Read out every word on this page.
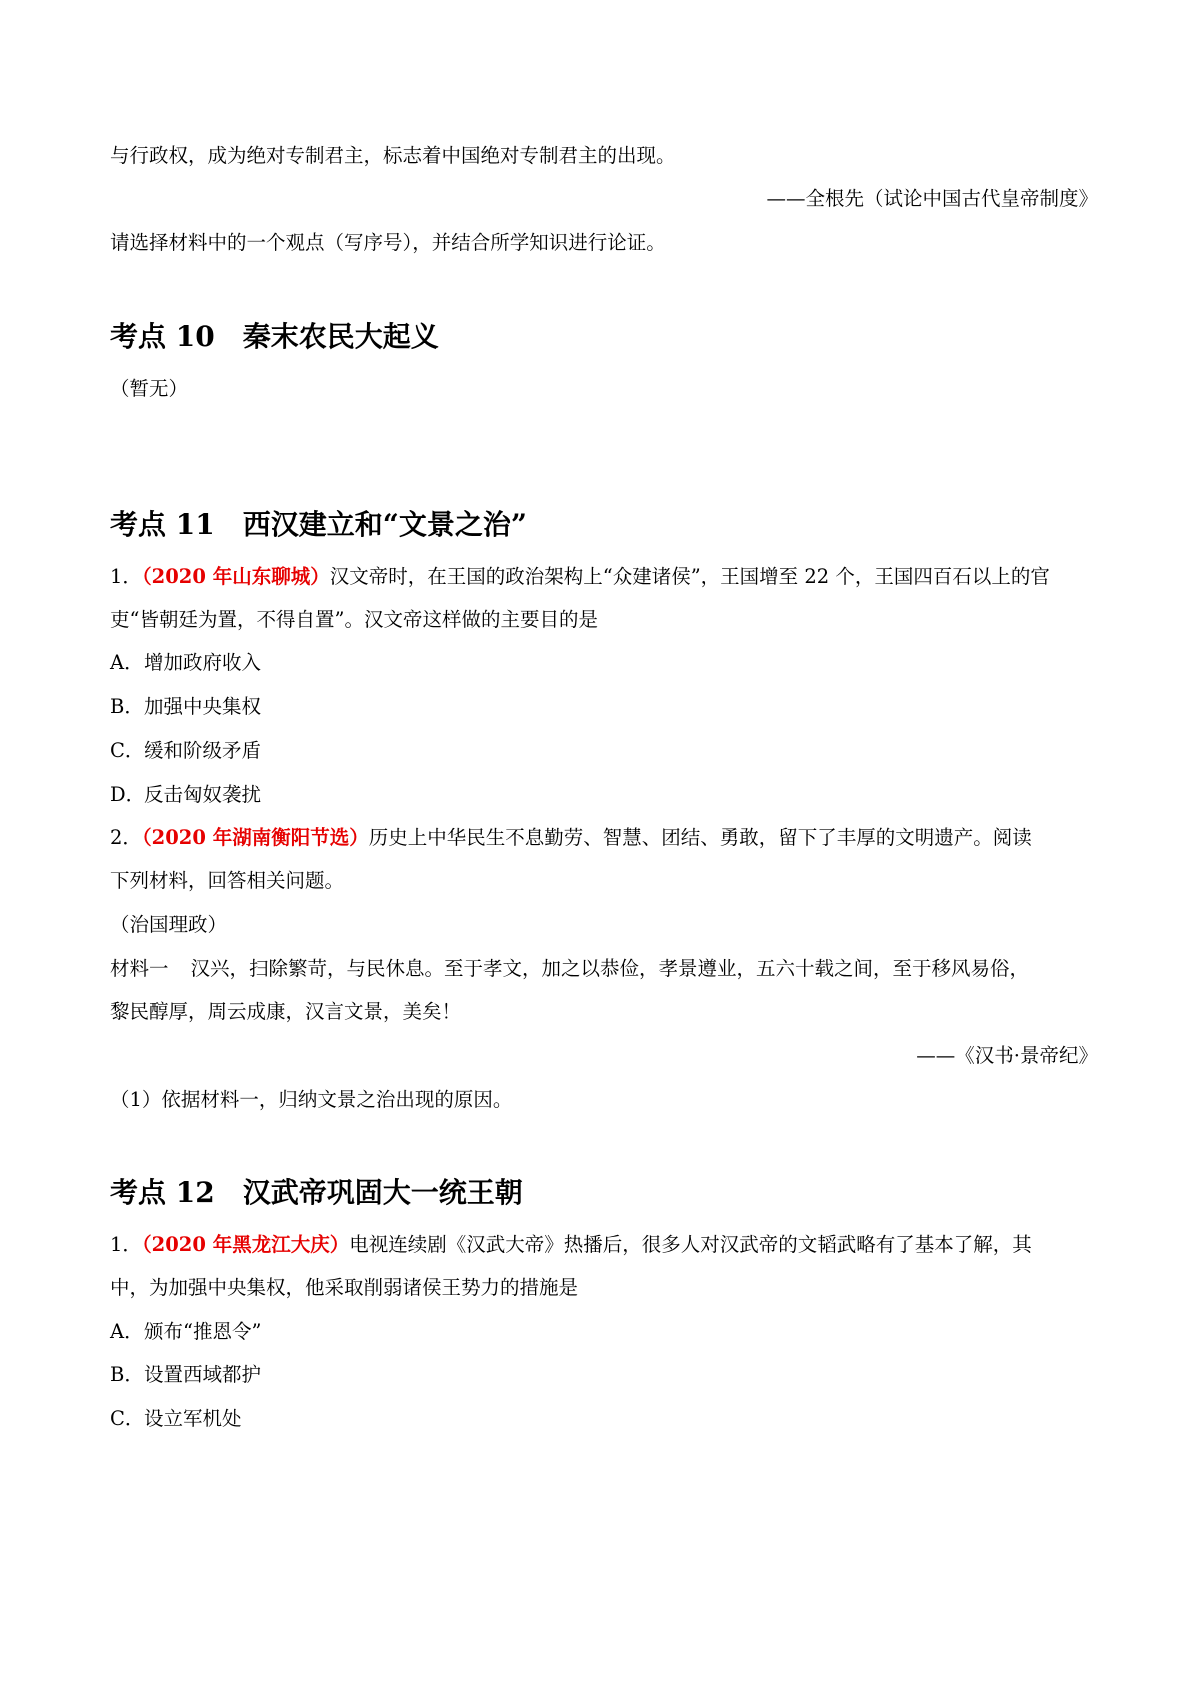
与行政权，成为绝对专制君主，标志着中国绝对专制君主的出现。
——全根先（试论中国古代皇帝制度》
请选择材料中的一个观点（写序号），并结合所学知识进行论证。
考点 10 秦末农民大起义
（暂无）
考点 11 西汉建立和“文景之治”
1．（2020 年山东聊城）汉文帝时，在王国的政治架构上“众建诸侯”，王国增至 22 个，王国四百石以上的官
吏“皆朝廷为置，不得自置”。汉文帝这样做的主要目的是
A．增加政府收入
B．加强中央集权
C．缓和阶级矛盾
D．反击匈奴袭扰
2．（2020 年湖南衡阳节选）历史上中华民生不息勤劳、智慧、团结、勇敢，留下了丰厚的文明遗产。阅读
下列材料，回答相关问题。
（治国理政）
材料一 汉兴，扫除繁苛，与民休息。至于孝文，加之以恭俭，孝景遵业，五六十载之间，至于移风易俗，
黎民醇厚，周云成康，汉言文景，美矣！
——《汉书·景帝纪》
（1）依据材料一，归纳文景之治出现的原因。
考点 12 汉武帝巩固大一统王朝
1．（2020 年黑龙江大庆）电视连续剧《汉武大帝》热播后，很多人对汉武帝的文韬武略有了基本了解，其
中，为加强中央集权，他采取削弱诸侯王势力的措施是
A．颁布“推恩令”
B．设置西域都护
C．设立军机处
